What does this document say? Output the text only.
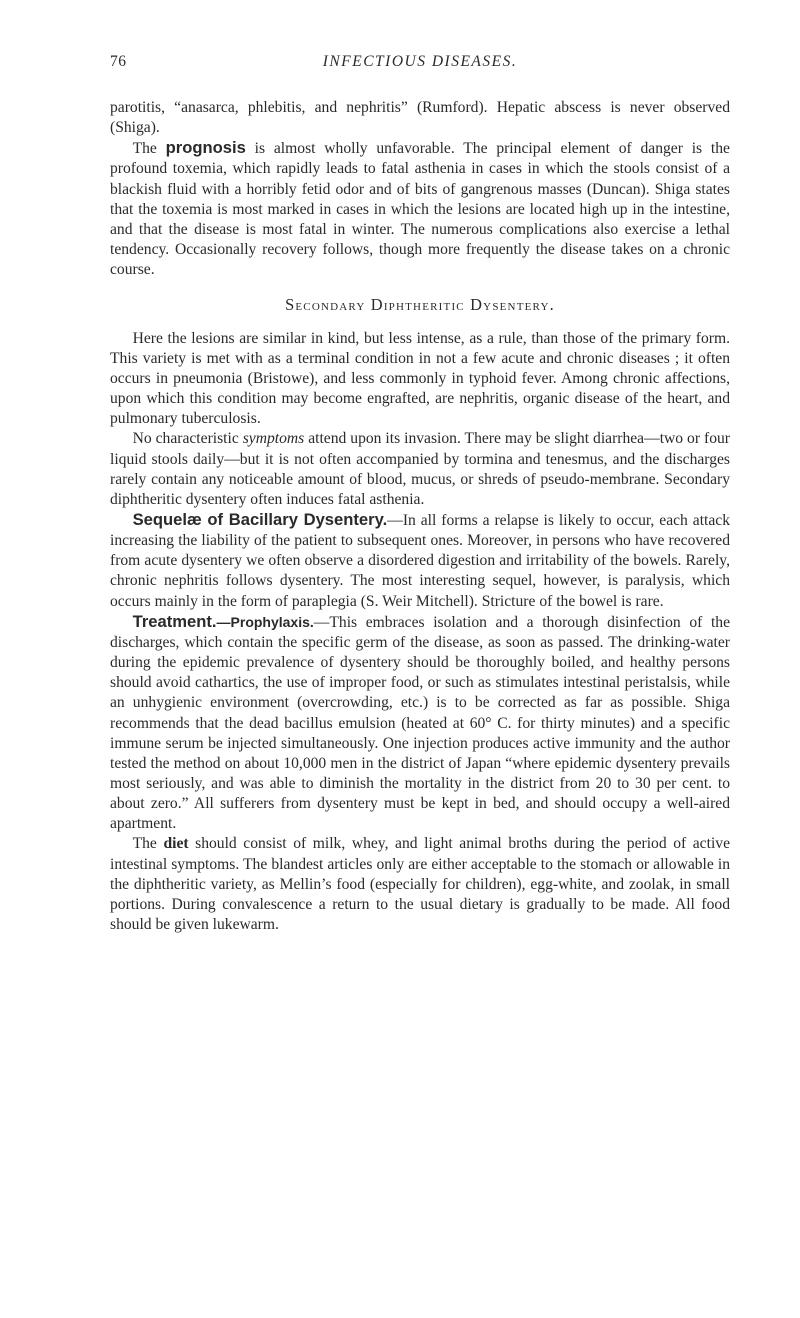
76	INFECTIOUS DISEASES.

parotitis, “anasarca, phlebitis, and nephritis” (Rumford). Hepatic abscess is never observed (Shiga).

The prognosis is almost wholly unfavorable. The principal element of danger is the profound toxemia, which rapidly leads to fatal asthenia in cases in which the stools consist of a blackish fluid with a horribly fetid odor and of bits of gangrenous masses (Duncan). Shiga states that the toxemia is most marked in cases in which the lesions are located high up in the intestine, and that the disease is most fatal in winter. The numerous complications also exercise a lethal tendency. Occasionally recovery follows, though more frequently the disease takes on a chronic course.

Secondary Diphtheritic Dysentery.

Here the lesions are similar in kind, but less intense, as a rule, than those of the primary form. This variety is met with as a terminal condition in not a few acute and chronic diseases ; it often occurs in pneumonia (Bristowe), and less commonly in typhoid fever. Among chronic affections, upon which this condition may become engrafted, are nephritis, organic disease of the heart, and pulmonary tuberculosis.

No characteristic symptoms attend upon its invasion. There may be slight diarrhea—two or four liquid stools daily—but it is not often accompanied by tormina and tenesmus, and the discharges rarely contain any noticeable amount of blood, mucus, or shreds of pseudo-membrane. Secondary diphtheritic dysentery often induces fatal asthenia.

Sequelæ of Bacillary Dysentery.—In all forms a relapse is likely to occur, each attack increasing the liability of the patient to subsequent ones. Moreover, in persons who have recovered from acute dysentery we often observe a disordered digestion and irritability of the bowels. Rarely, chronic nephritis follows dysentery. The most interesting sequel, however, is paralysis, which occurs mainly in the form of paraplegia (S. Weir Mitchell). Stricture of the bowel is rare.

Treatment.—Prophylaxis.—This embraces isolation and a thorough disinfection of the discharges, which contain the specific germ of the disease, as soon as passed. The drinking-water during the epidemic prevalence of dysentery should be thoroughly boiled, and healthy persons should avoid cathartics, the use of improper food, or such as stimulates intestinal peristalsis, while an unhygienic environment (overcrowding, etc.) is to be corrected as far as possible. Shiga recommends that the dead bacillus emulsion (heated at 60° C. for thirty minutes) and a specific immune serum be injected simultaneously. One injection produces active immunity and the author tested the method on about 10,000 men in the district of Japan “where epidemic dysentery prevails most seriously, and was able to diminish the mortality in the district from 20 to 30 per cent. to about zero.” All sufferers from dysentery must be kept in bed, and should occupy a well-aired apartment.

The diet should consist of milk, whey, and light animal broths during the period of active intestinal symptoms. The blandest articles only are either acceptable to the stomach or allowable in the diphtheritic variety, as Mellin’s food (especially for children), egg-white, and zoolak, in small portions. During convalescence a return to the usual dietary is gradually to be made. All food should be given lukewarm.
